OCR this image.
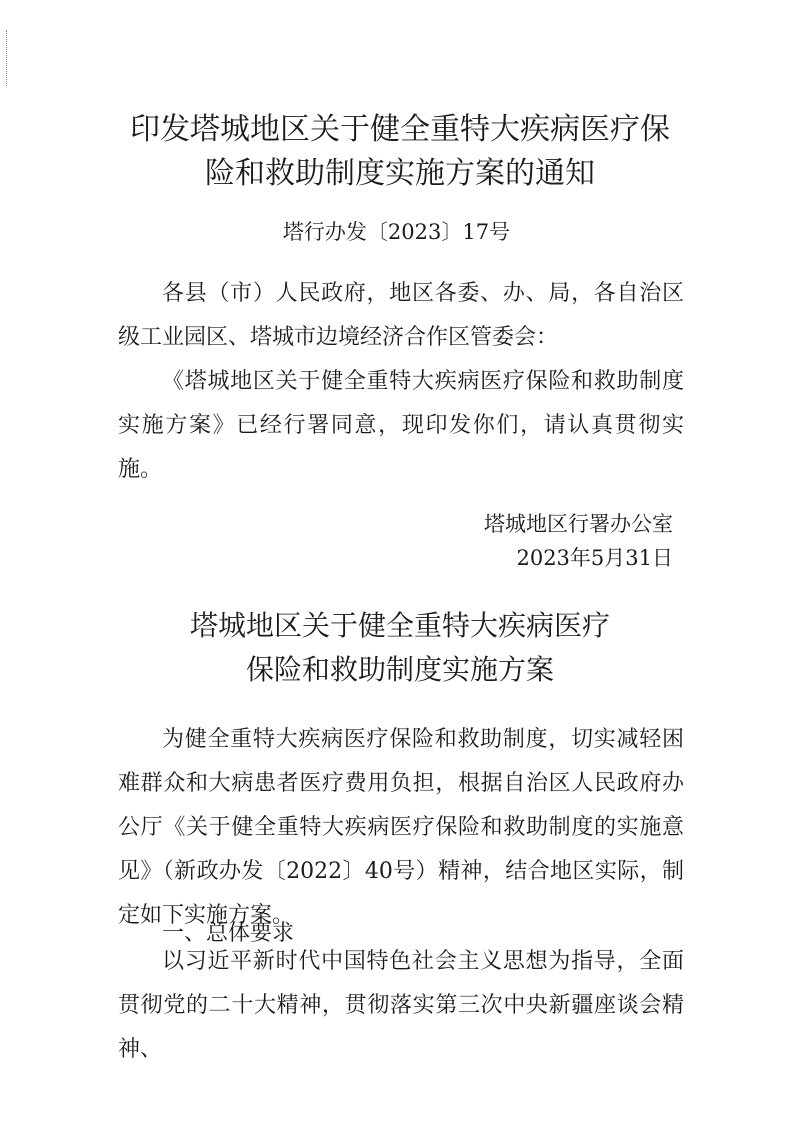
印发塔城地区关于健全重特大疾病医疗保
险和救助制度实施方案的通知
塔行办发〔2023〕17号

各县（市）人民政府，地区各委、办、局，各自治区级工业园区、塔城市边境经济合作区管委会：

《塔城地区关于健全重特大疾病医疗保险和救助制度实施方案》已经行署同意，现印发你们，请认真贯彻实施。

塔城地区行署办公室
2023年5月31日
塔城地区关于健全重特大疾病医疗
保险和救助制度实施方案

为健全重特大疾病医疗保险和救助制度，切实减轻困难群众和大病患者医疗费用负担，根据自治区人民政府办公厅《关于健全重特大疾病医疗保险和救助制度的实施意见》（新政办发〔2022〕40号）精神，结合地区实际，制定如下实施方案。

一、总体要求

以习近平新时代中国特色社会主义思想为指导，全面贯彻党的二十大精神，贯彻落实第三次中央新疆座谈会精神、
